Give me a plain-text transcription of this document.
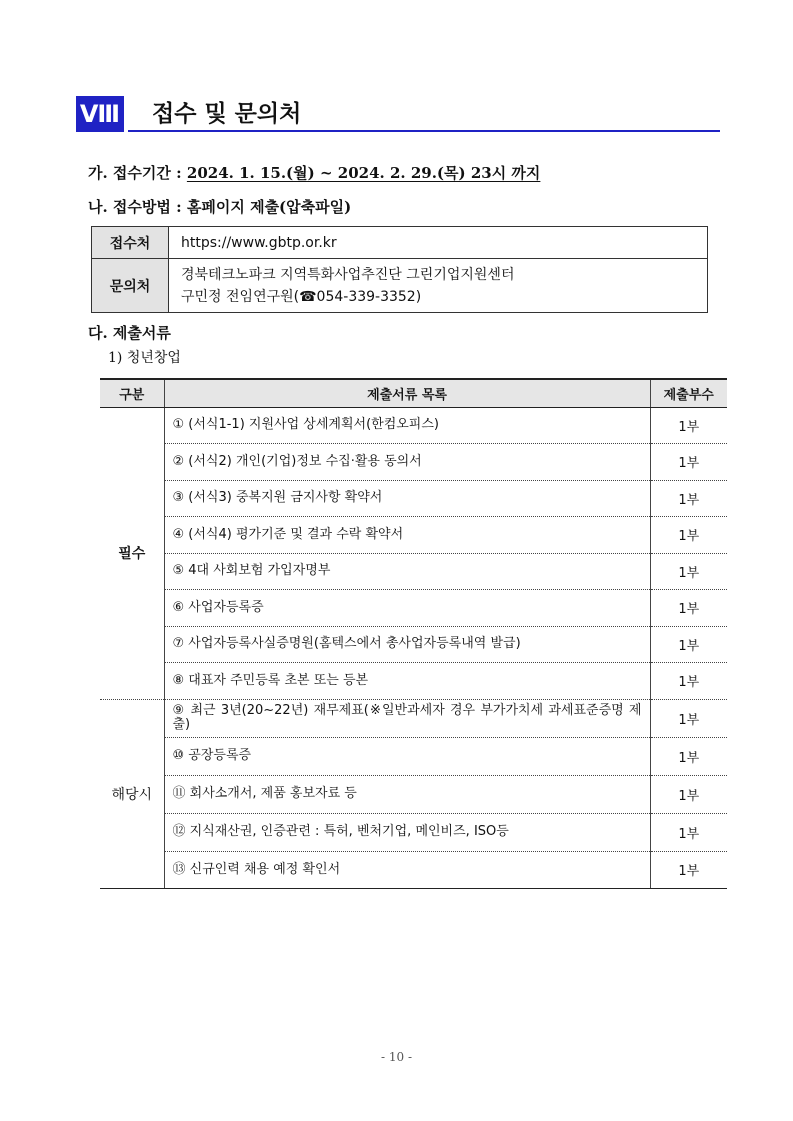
Ⅷ 접수 및 문의처
가. 접수기간 : 2024. 1. 15.(월) ~ 2024. 2. 29.(목) 23시 까지
나. 접수방법 : 홈페이지 제출(압축파일)
접수처	https://www.gbtp.or.kr
문의처	경북테크노파크 지역특화사업추진단 그린기업지원센터
구민정 전임연구원(☎054-339-3352)
다. 제출서류
1) 청년창업
구분	제출서류 목록	제출부수
필수	① (서식1-1) 지원사업 상세계획서(한컴오피스)	1부
	② (서식2) 개인(기업)정보 수집·활용 동의서	1부
	③ (서식3) 중복지원 금지사항 확약서	1부
	④ (서식4) 평가기준 및 결과 수락 확약서	1부
	⑤ 4대 사회보험 가입자명부	1부
	⑥ 사업자등록증	1부
	⑦ 사업자등록사실증명원(홈텍스에서 총사업자등록내역 발급)	1부
	⑧ 대표자 주민등록 초본 또는 등본	1부
해당시	⑨ 최근 3년(20~22년) 재무제표(※일반과세자 경우 부가가치세 과세표준증명 제출)	1부
	⑩ 공장등록증	1부
	⑪ 회사소개서, 제품 홍보자료 등	1부
	⑫ 지식재산권, 인증관련 : 특허, 벤처기업, 메인비즈, ISO등	1부
	⑬ 신규인력 채용 예정 확인서	1부
- 10 -
